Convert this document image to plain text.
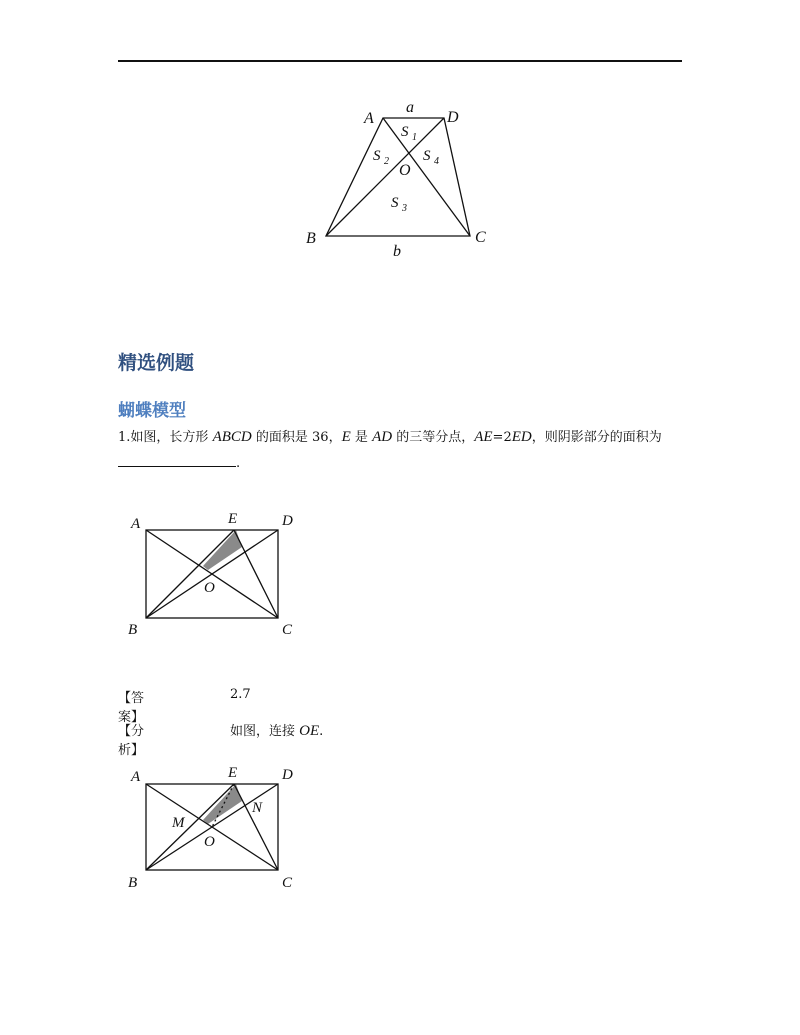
A
a
D
S 1
S 2 S 4
O
S 3
B	C
b
精选例题
蝴蝶模型
1.如图，长方形 ABCD 的面积是 36，E 是 AD 的三等分点，AE=2ED，则阴影部分的面积为.
A	E	D
O
B	C
【答案】
2.7
【分析】
如图，连接 OE.
A	E	D
M
N
O
B	C
